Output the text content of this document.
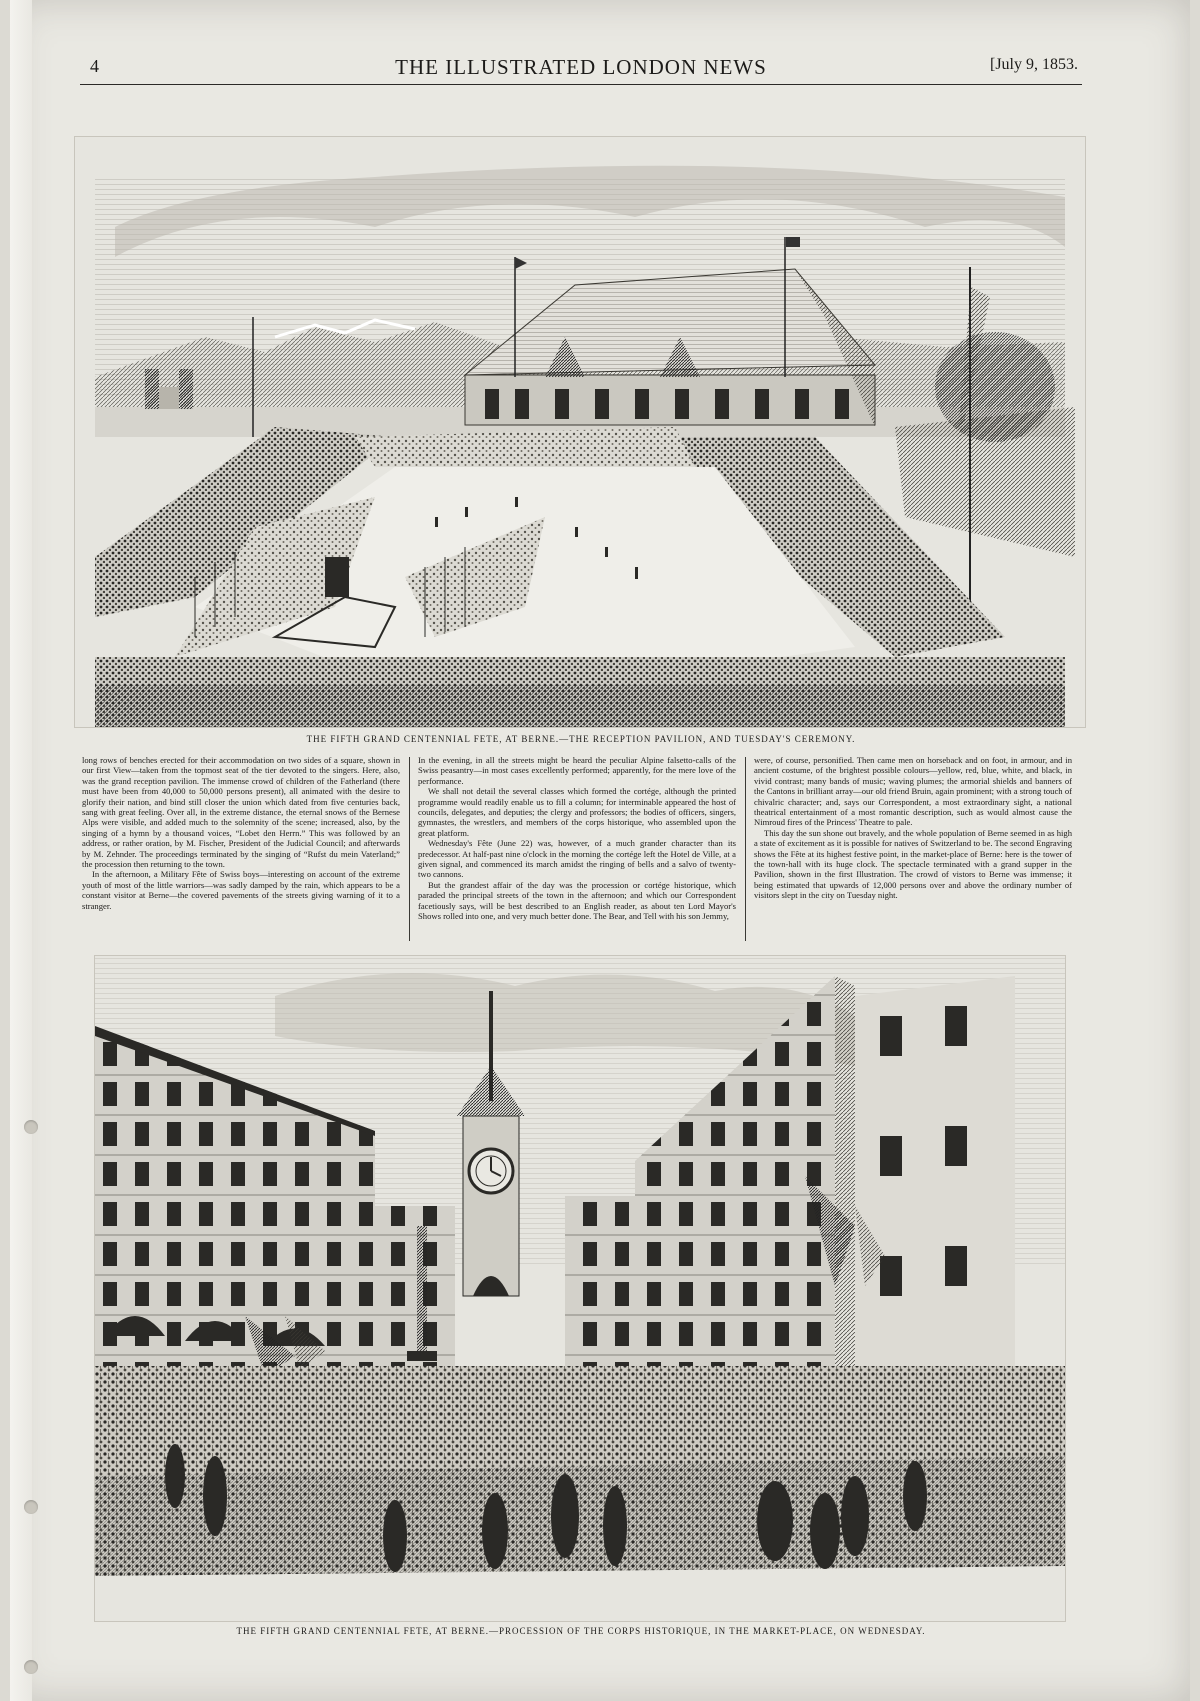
4	THE ILLUSTRATED LONDON NEWS	[July 9, 1853.
THE FIFTH GRAND CENTENNIAL FETE, AT BERNE.—THE RECEPTION PAVILION, AND TUESDAY'S CEREMONY.

long rows of benches erected for their accommodation on two sides of a square, shown in our first View—taken from the topmost seat of the tier devoted to the singers. Here, also, was the grand reception pavilion. The immense crowd of children of the Fatherland (there must have been from 40,000 to 50,000 persons present), all animated with the desire to glorify their nation, and bind still closer the union which dated from five centuries back, sang with great feeling. Over all, in the extreme distance, the eternal snows of the Bernese Alps were visible, and added much to the solemnity of the scene; increased, also, by the singing of a hymn by a thousand voices, “Lobet den Herrn.” This was followed by an address, or rather oration, by M. Fischer, President of the Judicial Council; and afterwards by M. Zehnder. The proceedings terminated by the singing of “Rufst du mein Vaterland;” the procession then returning to the town.

In the afternoon, a Military Fête of Swiss boys—interesting on account of the extreme youth of most of the little warriors—was sadly damped by the rain, which appears to be a constant visitor at Berne—the covered pavements of the streets giving warning of it to a stranger.

In the evening, in all the streets might be heard the peculiar Alpine falsetto-calls of the Swiss peasantry—in most cases excellently performed; apparently, for the mere love of the performance.

We shall not detail the several classes which formed the cortége, although the printed programme would readily enable us to fill a column; for interminable appeared the host of councils, delegates, and deputies; the clergy and professors; the bodies of officers, singers, gymnastes, the wrestlers, and members of the corps historique, who assembled upon the great platform.

Wednesday's Fête (June 22) was, however, of a much grander character than its predecessor. At half-past nine o'clock in the morning the cortége left the Hotel de Ville, at a given signal, and commenced its march amidst the ringing of bells and a salvo of twenty-two cannons.

But the grandest affair of the day was the procession or cortége historique, which paraded the principal streets of the town in the afternoon; and which our Correspondent facetiously says, will be best described to an English reader, as about ten Lord Mayor's Shows rolled into one, and very much better done. The Bear, and Tell with his son Jemmy,

were, of course, personified. Then came men on horseback and on foot, in armour, and in ancient costume, of the brightest possible colours—yellow, red, blue, white, and black, in vivid contrast; many bands of music; waving plumes; the armorial shields and banners of the Cantons in brilliant array—our old friend Bruin, again prominent; with a strong touch of chivalric character; and, says our Correspondent, a most extraordinary sight, a national theatrical entertainment of a most romantic description, such as would almost cause the Nimroud fires of the Princess' Theatre to pale.

This day the sun shone out bravely, and the whole population of Berne seemed in as high a state of excitement as it is possible for natives of Switzerland to be. The second Engraving shows the Fête at its highest festive point, in the market-place of Berne: here is the tower of the town-hall with its huge clock. The spectacle terminated with a grand supper in the Pavilion, shown in the first Illustration. The crowd of vistors to Berne was immense; it being estimated that upwards of 12,000 persons over and above the ordinary number of visitors slept in the city on Tuesday night.

THE FIFTH GRAND CENTENNIAL FETE, AT BERNE.—PROCESSION OF THE CORPS HISTORIQUE, IN THE MARKET-PLACE, ON WEDNESDAY.
